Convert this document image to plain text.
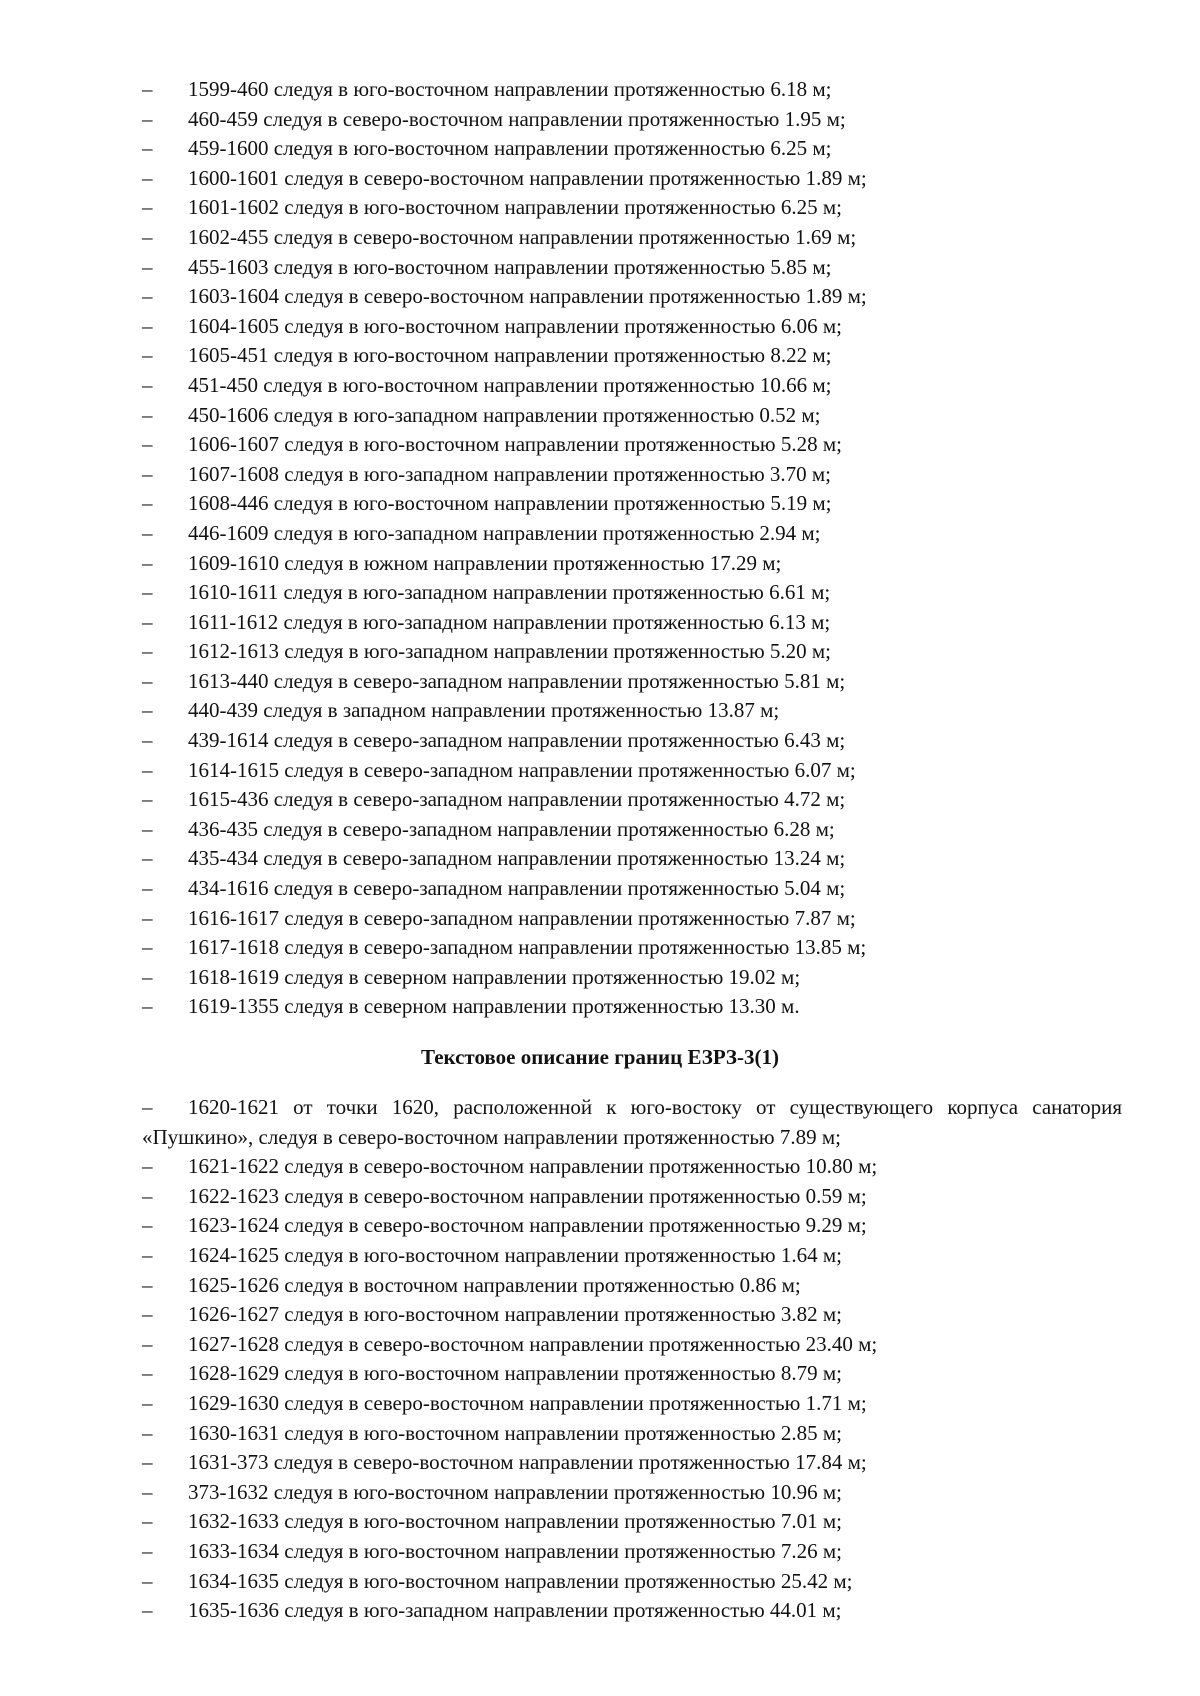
– 1599-460 следуя в юго-восточном направлении протяженностью 6.18 м;
– 460-459 следуя в северо-восточном направлении протяженностью 1.95 м;
– 459-1600 следуя в юго-восточном направлении протяженностью 6.25 м;
– 1600-1601 следуя в северо-восточном направлении протяженностью 1.89 м;
– 1601-1602 следуя в юго-восточном направлении протяженностью 6.25 м;
– 1602-455 следуя в северо-восточном направлении протяженностью 1.69 м;
– 455-1603 следуя в юго-восточном направлении протяженностью 5.85 м;
– 1603-1604 следуя в северо-восточном направлении протяженностью 1.89 м;
– 1604-1605 следуя в юго-восточном направлении протяженностью 6.06 м;
– 1605-451 следуя в юго-восточном направлении протяженностью 8.22 м;
– 451-450 следуя в юго-восточном направлении протяженностью 10.66 м;
– 450-1606 следуя в юго-западном направлении протяженностью 0.52 м;
– 1606-1607 следуя в юго-восточном направлении протяженностью 5.28 м;
– 1607-1608 следуя в юго-западном направлении протяженностью 3.70 м;
– 1608-446 следуя в юго-восточном направлении протяженностью 5.19 м;
– 446-1609 следуя в юго-западном направлении протяженностью 2.94 м;
– 1609-1610 следуя в южном направлении протяженностью 17.29 м;
– 1610-1611 следуя в юго-западном направлении протяженностью 6.61 м;
– 1611-1612 следуя в юго-западном направлении протяженностью 6.13 м;
– 1612-1613 следуя в юго-западном направлении протяженностью 5.20 м;
– 1613-440 следуя в северо-западном направлении протяженностью 5.81 м;
– 440-439 следуя в западном направлении протяженностью 13.87 м;
– 439-1614 следуя в северо-западном направлении протяженностью 6.43 м;
– 1614-1615 следуя в северо-западном направлении протяженностью 6.07 м;
– 1615-436 следуя в северо-западном направлении протяженностью 4.72 м;
– 436-435 следуя в северо-западном направлении протяженностью 6.28 м;
– 435-434 следуя в северо-западном направлении протяженностью 13.24 м;
– 434-1616 следуя в северо-западном направлении протяженностью 5.04 м;
– 1616-1617 следуя в северо-западном направлении протяженностью 7.87 м;
– 1617-1618 следуя в северо-западном направлении протяженностью 13.85 м;
– 1618-1619 следуя в северном направлении протяженностью 19.02 м;
– 1619-1355 следуя в северном направлении протяженностью 13.30 м.
Текстовое описание границ ЕЗРЗ-3(1)
– 1620-1621 от точки 1620, расположенной к юго-востоку от существующего корпуса санатория «Пушкино», следуя в северо-восточном направлении протяженностью 7.89 м;
– 1621-1622 следуя в северо-восточном направлении протяженностью 10.80 м;
– 1622-1623 следуя в северо-восточном направлении протяженностью 0.59 м;
– 1623-1624 следуя в северо-восточном направлении протяженностью 9.29 м;
– 1624-1625 следуя в юго-восточном направлении протяженностью 1.64 м;
– 1625-1626 следуя в восточном направлении протяженностью 0.86 м;
– 1626-1627 следуя в юго-восточном направлении протяженностью 3.82 м;
– 1627-1628 следуя в северо-восточном направлении протяженностью 23.40 м;
– 1628-1629 следуя в юго-восточном направлении протяженностью 8.79 м;
– 1629-1630 следуя в северо-восточном направлении протяженностью 1.71 м;
– 1630-1631 следуя в юго-восточном направлении протяженностью 2.85 м;
– 1631-373 следуя в северо-восточном направлении протяженностью 17.84 м;
– 373-1632 следуя в юго-восточном направлении протяженностью 10.96 м;
– 1632-1633 следуя в юго-восточном направлении протяженностью 7.01 м;
– 1633-1634 следуя в юго-восточном направлении протяженностью 7.26 м;
– 1634-1635 следуя в юго-восточном направлении протяженностью 25.42 м;
– 1635-1636 следуя в юго-западном направлении протяженностью 44.01 м;
